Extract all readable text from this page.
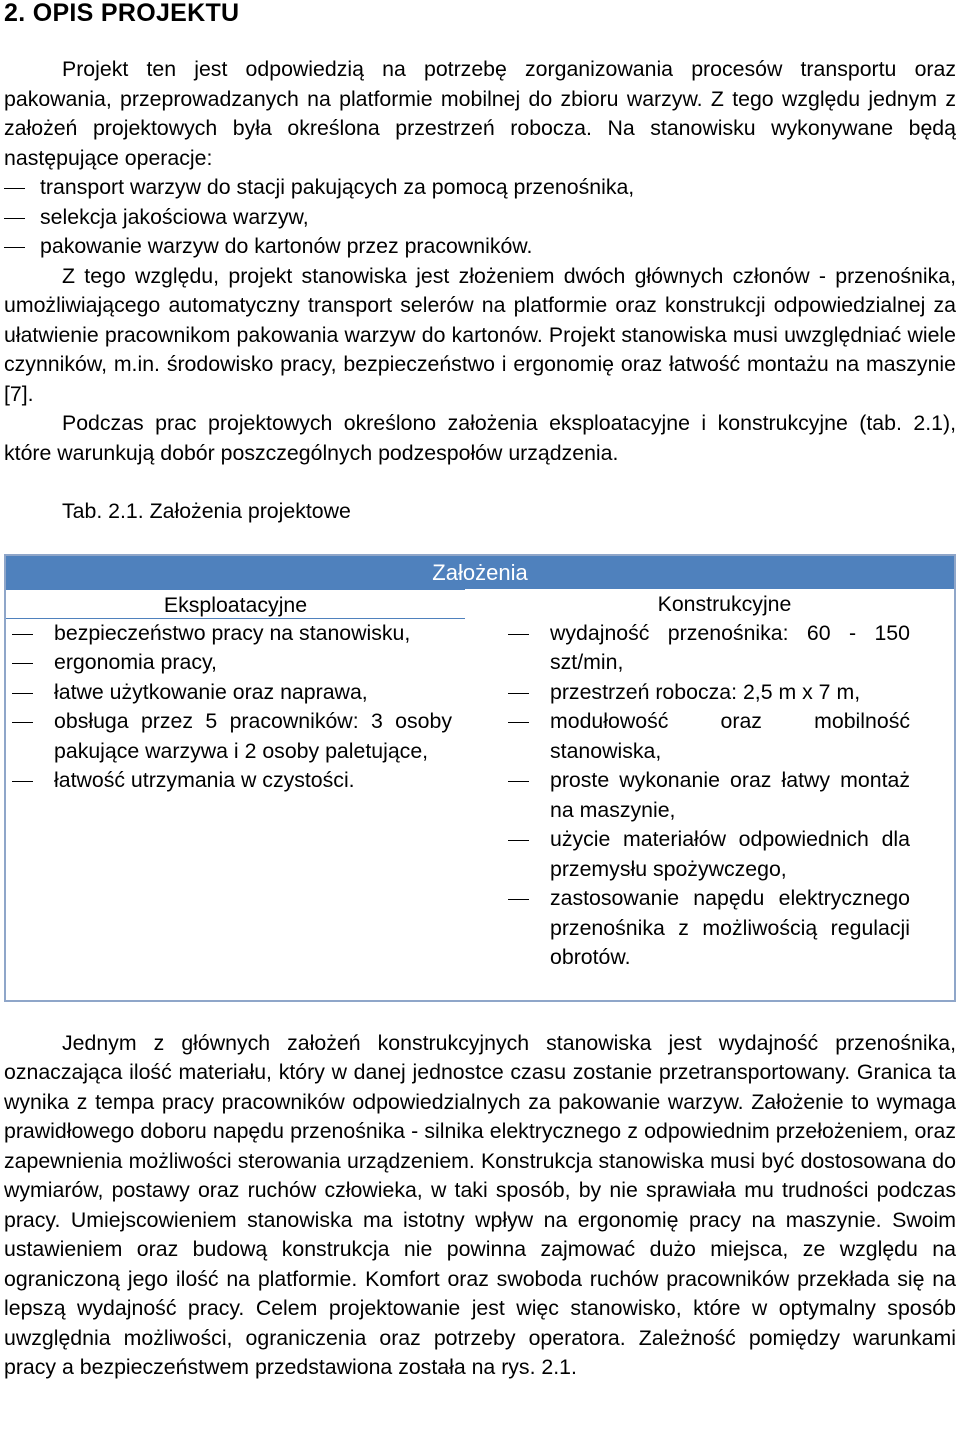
2. OPIS PROJEKTU

Projekt ten jest odpowiedzią na potrzebę zorganizowania procesów transportu oraz pakowania, przeprowadzanych na platformie mobilnej do zbioru warzyw. Z tego względu jednym z założeń projektowych była określona przestrzeń robocza. Na stanowisku wykonywane będą następujące operacje:

transport warzyw do stacji pakujących za pomocą przenośnika,
selekcja jakościowa warzyw,
pakowanie warzyw do kartonów przez pracowników.

Z tego względu, projekt stanowiska jest złożeniem dwóch głównych członów - przenośnika, umożliwiającego automatyczny transport selerów na platformie oraz konstrukcji odpowiedzialnej za ułatwienie pracownikom pakowania warzyw do kartonów. Projekt stanowiska musi uwzględniać wiele czynników, m.in. środowisko pracy, bezpieczeństwo i ergonomię oraz łatwość montażu na maszynie [7].

Podczas prac projektowych określono założenia eksploatacyjne i konstrukcyjne (tab. 2.1), które warunkują dobór poszczególnych podzespołów urządzenia.

Tab. 2.1. Założenia projektowe
Założenia
Eksploatacyjne	Konstrukcyjne
bezpieczeństwo pracy na stanowisku,
ergonomia pracy,
łatwe użytkowanie oraz naprawa,
obsługa przez 5 pracowników: 3 osoby pakujące warzywa i 2 osoby paletujące,
łatwość utrzymania w czystości.
wydajność przenośnika: 60 - 150 szt/min,
przestrzeń robocza: 2,5 m x 7 m,
modułowość oraz mobilność stanowiska,
proste wykonanie oraz łatwy montaż na maszynie,
użycie materiałów odpowiednich dla przemysłu spożywczego,
zastosowanie napędu elektrycznego przenośnika z możliwością regulacji obrotów.

Jednym z głównych założeń konstrukcyjnych stanowiska jest wydajność przenośnika, oznaczająca ilość materiału, który w danej jednostce czasu zostanie przetransportowany. Granica ta wynika z tempa pracy pracowników odpowiedzialnych za pakowanie warzyw. Założenie to wymaga prawidłowego doboru napędu przenośnika - silnika elektrycznego z odpowiednim przełożeniem, oraz zapewnienia możliwości sterowania urządzeniem. Konstrukcja stanowiska musi być dostosowana do wymiarów, postawy oraz ruchów człowieka, w taki sposób, by nie sprawiała mu trudności podczas pracy. Umiejscowieniem stanowiska ma istotny wpływ na ergonomię pracy na maszynie. Swoim ustawieniem oraz budową konstrukcja nie powinna zajmować dużo miejsca, ze względu na ograniczoną jego ilość na platformie. Komfort oraz swoboda ruchów pracowników przekłada się na lepszą wydajność pracy. Celem projektowanie jest więc stanowisko, które w optymalny sposób uwzględnia możliwości, ograniczenia oraz potrzeby operatora. Zależność pomiędzy warunkami pracy a bezpieczeństwem przedstawiona została na rys. 2.1.
